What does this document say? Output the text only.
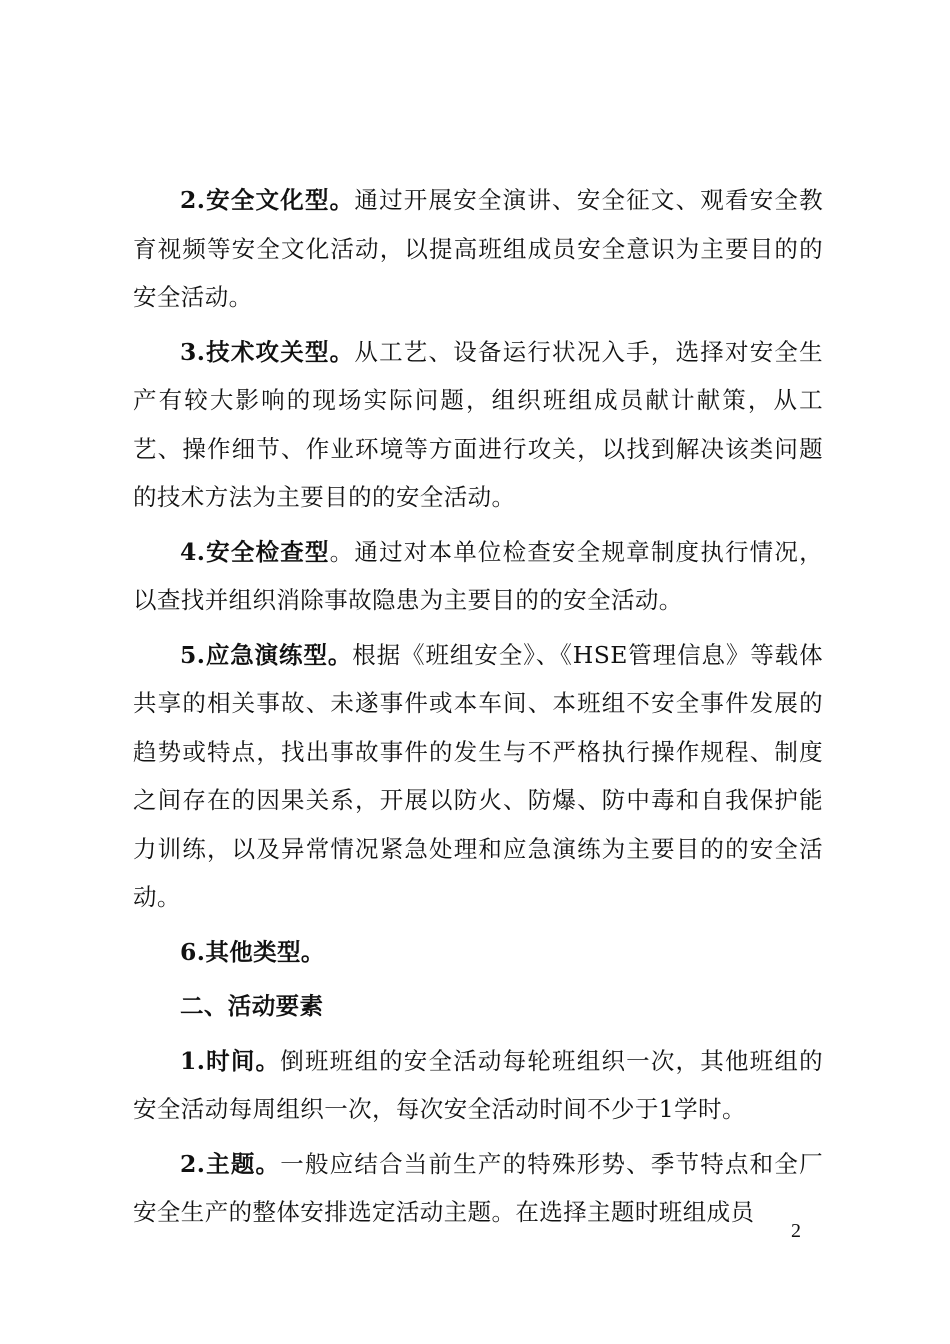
2.安全文化型。通过开展安全演讲、安全征文、观看安全教育视频等安全文化活动，以提高班组成员安全意识为主要目的的安全活动。

3.技术攻关型。从工艺、设备运行状况入手，选择对安全生产有较大影响的现场实际问题，组织班组成员献计献策，从工艺、操作细节、作业环境等方面进行攻关，以找到解决该类问题的技术方法为主要目的的安全活动。

4.安全检查型。通过对本单位检查安全规章制度执行情况，以查找并组织消除事故隐患为主要目的的安全活动。

5.应急演练型。根据《班组安全》、《HSE管理信息》等载体共享的相关事故、未遂事件或本车间、本班组不安全事件发展的趋势或特点，找出事故事件的发生与不严格执行操作规程、制度之间存在的因果关系，开展以防火、防爆、防中毒和自我保护能力训练，以及异常情况紧急处理和应急演练为主要目的的安全活动。

6.其他类型。

二、活动要素

1.时间。倒班班组的安全活动每轮班组织一次，其他班组的安全活动每周组织一次，每次安全活动时间不少于1学时。

2.主题。一般应结合当前生产的特殊形势、季节特点和全厂安全生产的整体安排选定活动主题。在选择主题时班组成员

2
